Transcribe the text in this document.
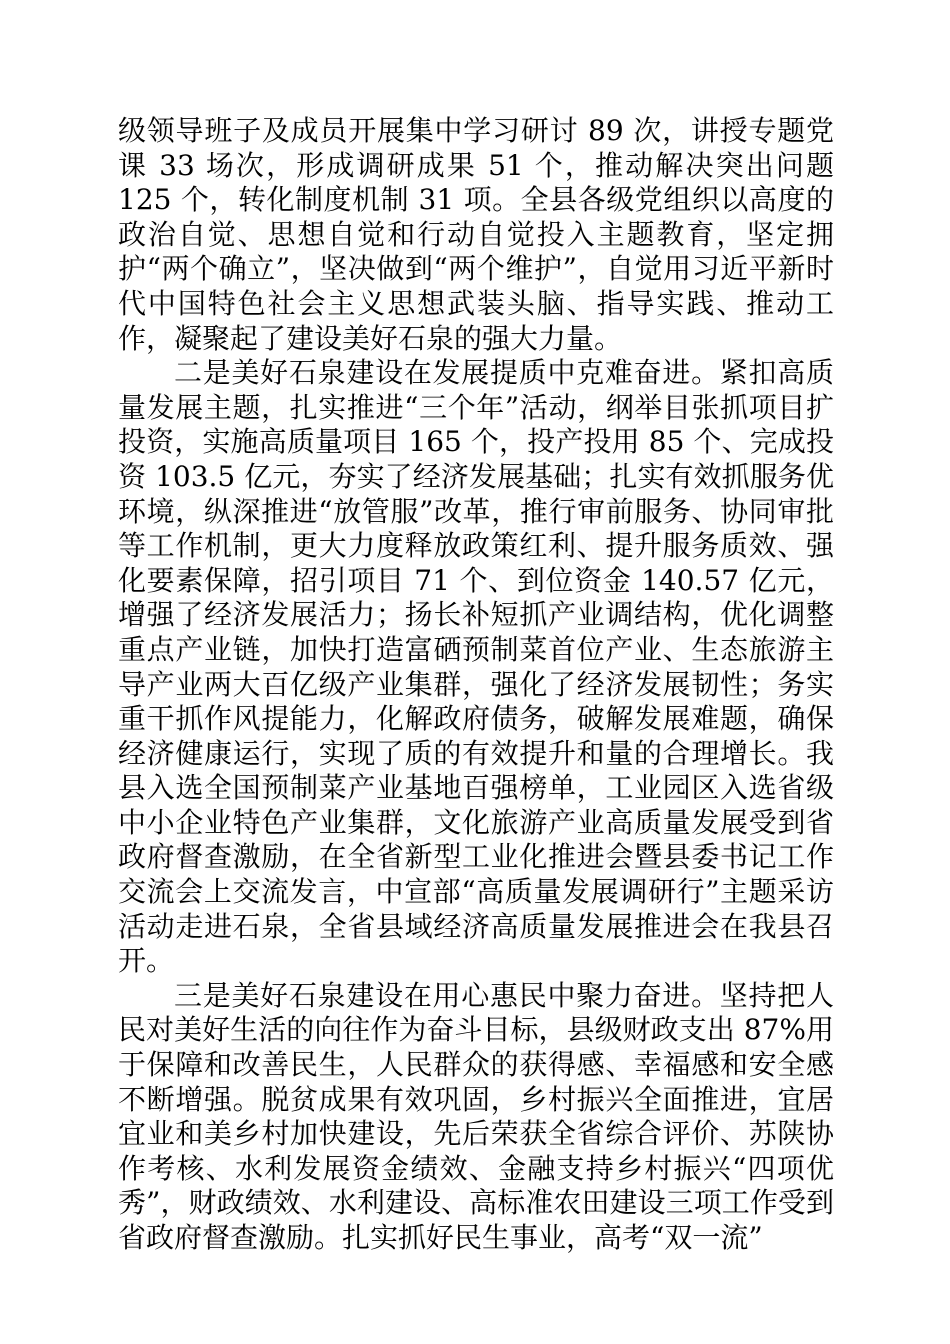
级领导班子及成员开展集中学习研讨 89 次，讲授专题党课 33 场次，形成调研成果 51 个，推动解决突出问题 125 个，转化制度机制 31 项。全县各级党组织以高度的政治自觉、思想自觉和行动自觉投入主题教育，坚定拥护“两个确立”，坚决做到“两个维护”，自觉用习近平新时代中国特色社会主义思想武装头脑、指导实践、推动工作，凝聚起了建设美好石泉的强大力量。

二是美好石泉建设在发展提质中克难奋进。紧扣高质量发展主题，扎实推进“三个年”活动，纲举目张抓项目扩投资，实施高质量项目 165 个，投产投用 85 个、完成投资 103.5 亿元，夯实了经济发展基础；扎实有效抓服务优环境，纵深推进“放管服”改革，推行审前服务、协同审批等工作机制，更大力度释放政策红利、提升服务质效、强化要素保障，招引项目 71 个、到位资金 140.57 亿元，增强了经济发展活力；扬长补短抓产业调结构，优化调整重点产业链，加快打造富硒预制菜首位产业、生态旅游主导产业两大百亿级产业集群，强化了经济发展韧性；务实重干抓作风提能力，化解政府债务，破解发展难题，确保经济健康运行，实现了质的有效提升和量的合理增长。我县入选全国预制菜产业基地百强榜单，工业园区入选省级中小企业特色产业集群，文化旅游产业高质量发展受到省政府督查激励，在全省新型工业化推进会暨县委书记工作交流会上交流发言，中宣部“高质量发展调研行”主题采访活动走进石泉，全省县域经济高质量发展推进会在我县召开。

三是美好石泉建设在用心惠民中聚力奋进。坚持把人民对美好生活的向往作为奋斗目标，县级财政支出 87%用于保障和改善民生，人民群众的获得感、幸福感和安全感不断增强。脱贫成果有效巩固，乡村振兴全面推进，宜居宜业和美乡村加快建设，先后荣获全省综合评价、苏陕协作考核、水利发展资金绩效、金融支持乡村振兴“四项优秀”，财政绩效、水利建设、高标准农田建设三项工作受到省政府督查激励。扎实抓好民生事业，高考“双一流”
